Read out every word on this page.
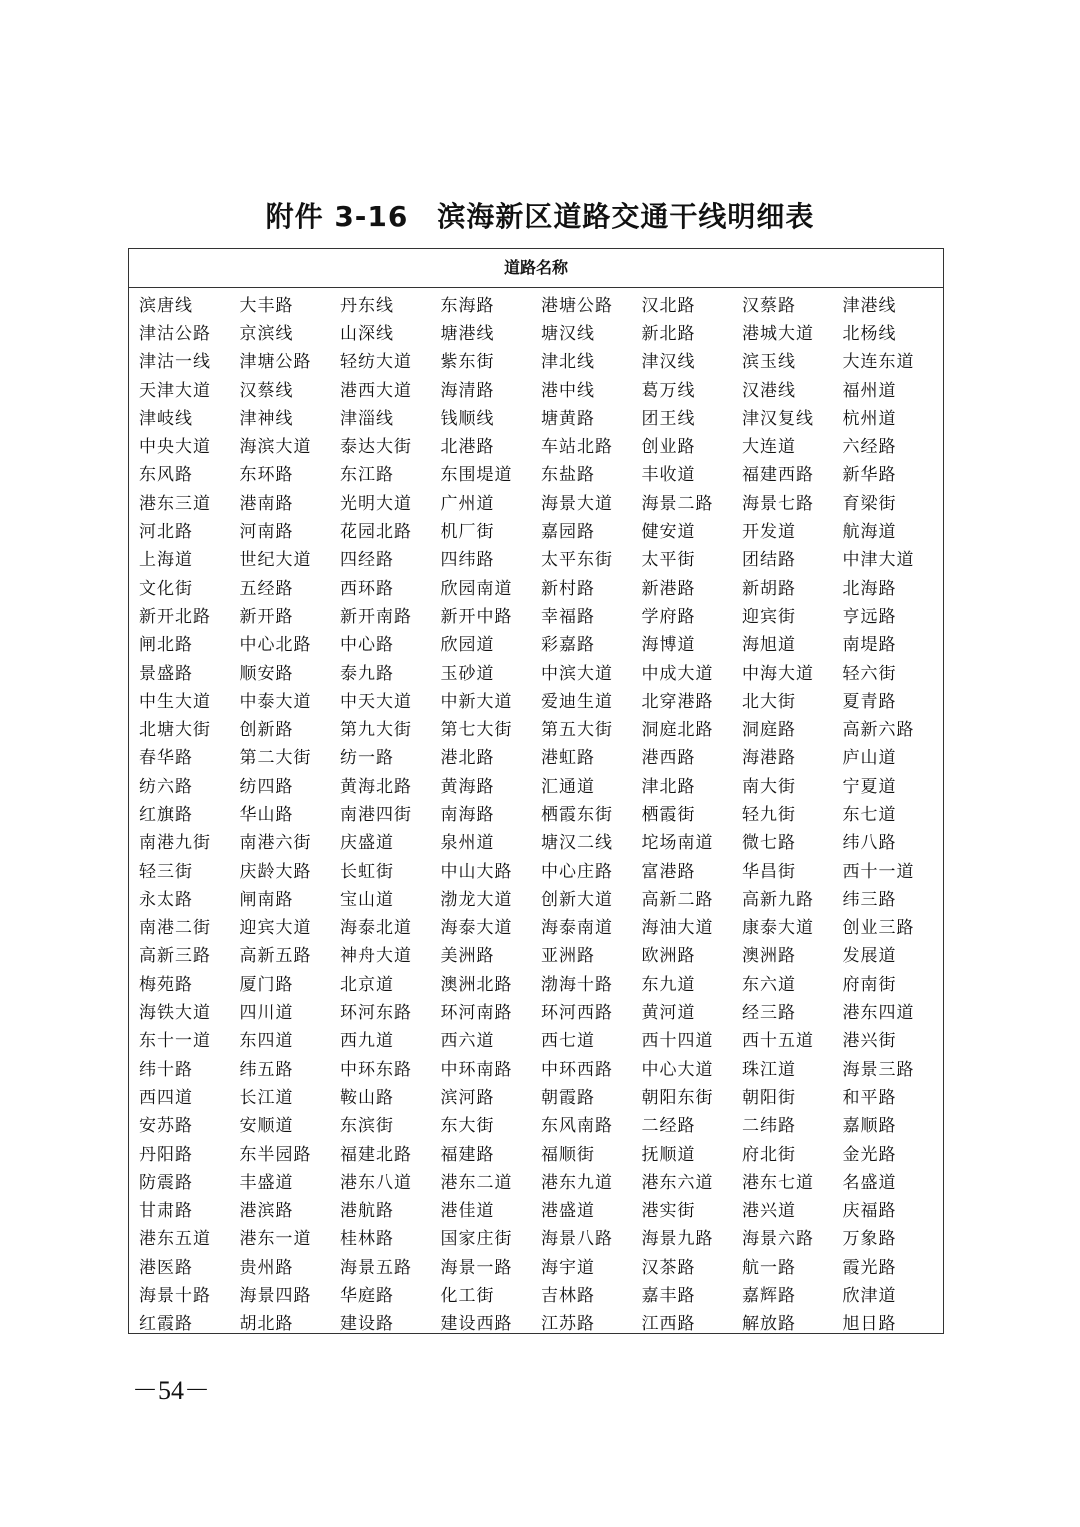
附件 3-16　滨海新区道路交通干线明细表
道路名称
滨唐线	大丰路	丹东线	东海路	港塘公路	汉北路	汉蔡路	津港线
津沽公路	京滨线	山深线	塘港线	塘汉线	新北路	港城大道	北杨线
津沽一线	津塘公路	轻纺大道	紫东街	津北线	津汉线	滨玉线	大连东道
天津大道	汉蔡线	港西大道	海清路	港中线	葛万线	汉港线	福州道
津岐线	津神线	津淄线	钱顺线	塘黄路	团王线	津汉复线	杭州道
中央大道	海滨大道	泰达大街	北港路	车站北路	创业路	大连道	六经路
东风路	东环路	东江路	东围堤道	东盐路	丰收道	福建西路	新华路
港东三道	港南路	光明大道	广州道	海景大道	海景二路	海景七路	育梁街
河北路	河南路	花园北路	机厂街	嘉园路	健安道	开发道	航海道
上海道	世纪大道	四经路	四纬路	太平东街	太平街	团结路	中津大道
文化街	五经路	西环路	欣园南道	新村路	新港路	新胡路	北海路
新开北路	新开路	新开南路	新开中路	幸福路	学府路	迎宾街	亨远路
闸北路	中心北路	中心路	欣园道	彩嘉路	海博道	海旭道	南堤路
景盛路	顺安路	泰九路	玉砂道	中滨大道	中成大道	中海大道	轻六街
中生大道	中泰大道	中天大道	中新大道	爱迪生道	北穿港路	北大街	夏青路
北塘大街	创新路	第九大街	第七大街	第五大街	洞庭北路	洞庭路	高新六路
春华路	第二大街	纺一路	港北路	港虹路	港西路	海港路	庐山道
纺六路	纺四路	黄海北路	黄海路	汇通道	津北路	南大街	宁夏道
红旗路	华山路	南港四街	南海路	栖霞东街	栖霞街	轻九街	东七道
南港九街	南港六街	庆盛道	泉州道	塘汉二线	坨场南道	微七路	纬八路
轻三街	庆龄大路	长虹街	中山大路	中心庄路	富港路	华昌街	西十一道
永太路	闸南路	宝山道	渤龙大道	创新大道	高新二路	高新九路	纬三路
南港二街	迎宾大道	海泰北道	海泰大道	海泰南道	海油大道	康泰大道	创业三路
高新三路	高新五路	神舟大道	美洲路	亚洲路	欧洲路	澳洲路	发展道
梅苑路	厦门路	北京道	澳洲北路	渤海十路	东九道	东六道	府南街
海铁大道	四川道	环河东路	环河南路	环河西路	黄河道	经三路	港东四道
东十一道	东四道	西九道	西六道	西七道	西十四道	西十五道	港兴街
纬十路	纬五路	中环东路	中环南路	中环西路	中心大道	珠江道	海景三路
西四道	长江道	鞍山路	滨河路	朝霞路	朝阳东街	朝阳街	和平路
安苏路	安顺道	东滨街	东大街	东风南路	二经路	二纬路	嘉顺路
丹阳路	东半园路	福建北路	福建路	福顺街	抚顺道	府北街	金光路
防震路	丰盛道	港东八道	港东二道	港东九道	港东六道	港东七道	名盛道
甘肃路	港滨路	港航路	港佳道	港盛道	港实街	港兴道	庆福路
港东五道	港东一道	桂林路	国家庄街	海景八路	海景九路	海景六路	万象路
港医路	贵州路	海景五路	海景一路	海宇道	汉茶路	航一路	霞光路
海景十路	海景四路	华庭路	化工街	吉林路	嘉丰路	嘉辉路	欣津道
红霞路	胡北路	建设路	建设西路	江苏路	江西路	解放路	旭日路
－54－
